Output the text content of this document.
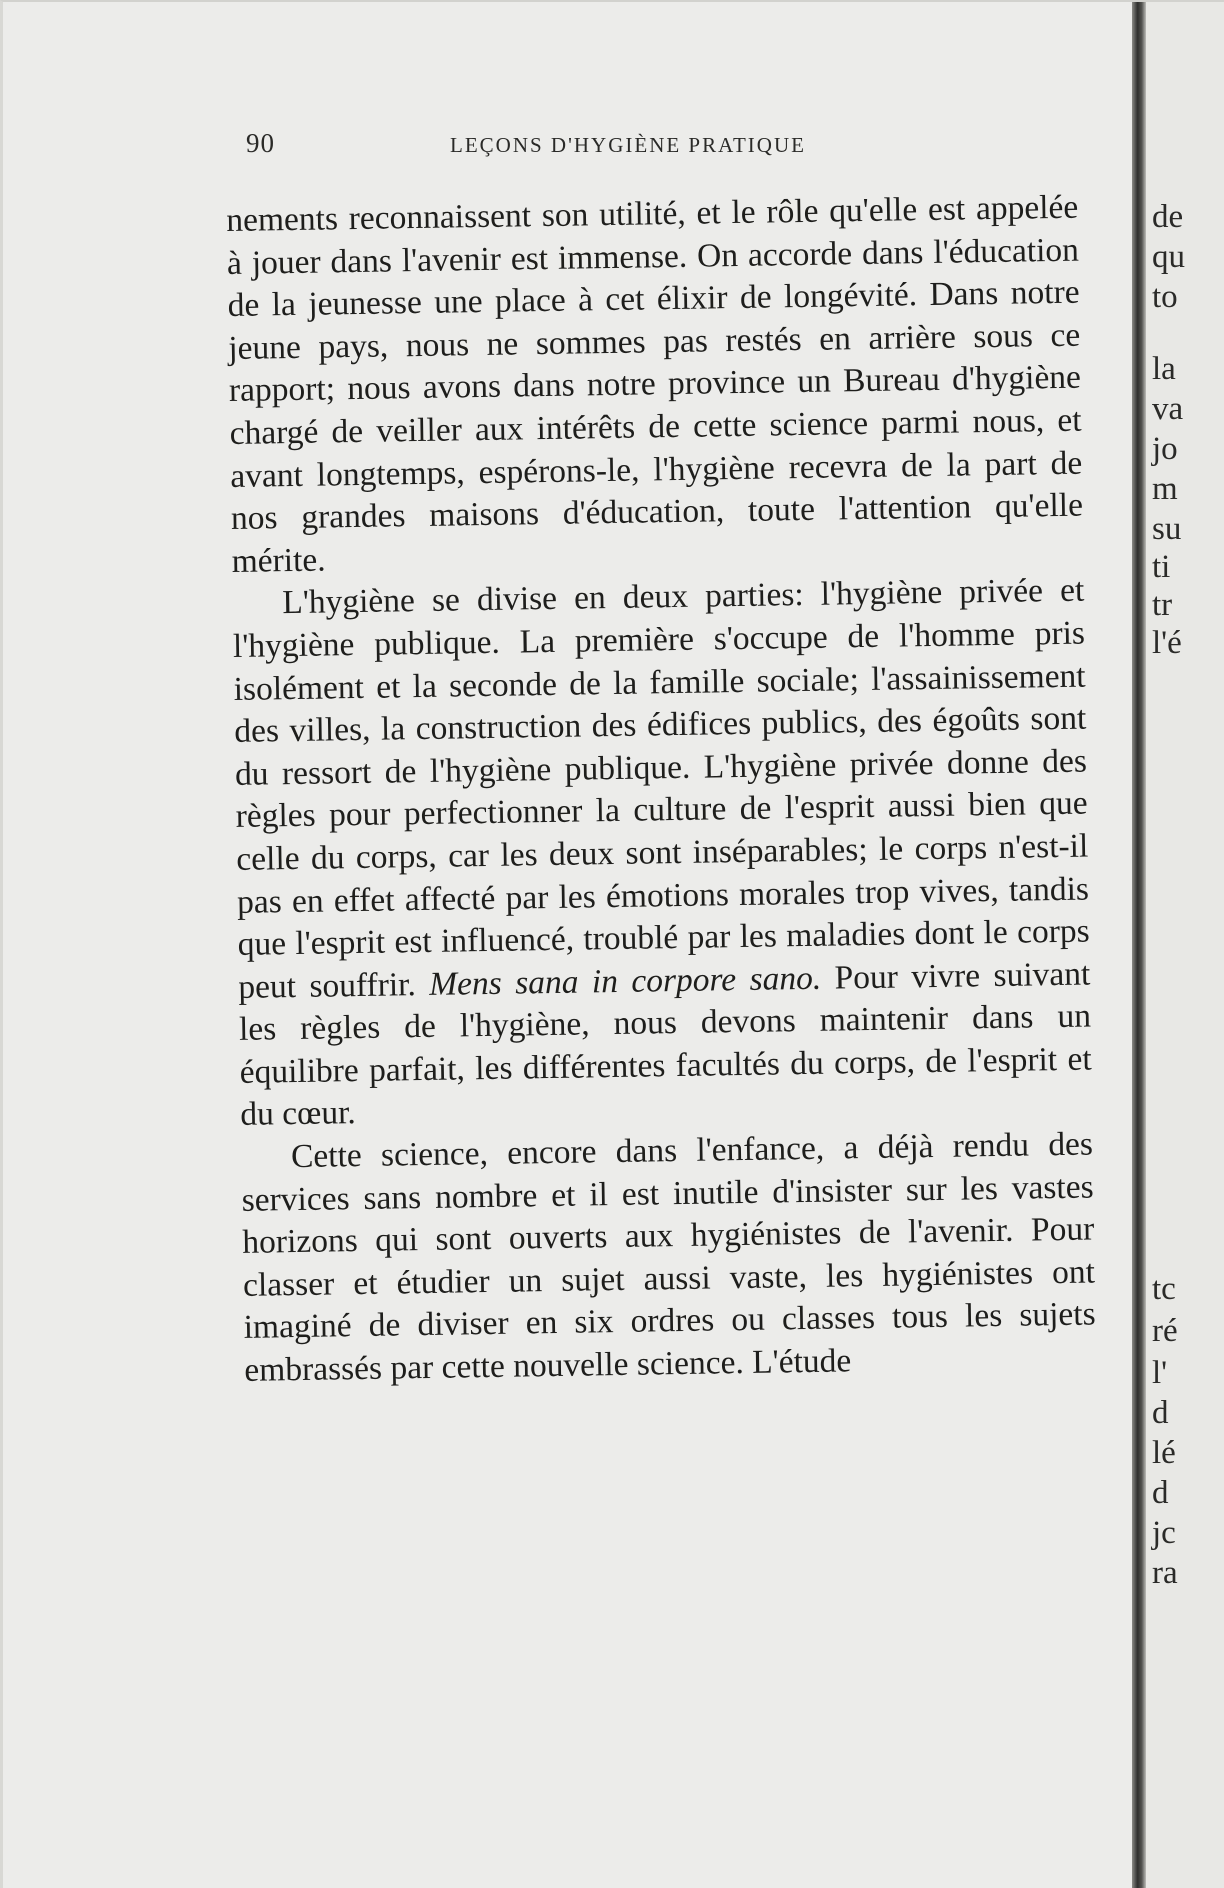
de
qu
to
la
va
jo
m
su
ti
tr
l'é
tc
ré
l'
d
lé
d
jc
ra
90	LEÇONS D'HYGIÈNE PRATIQUE

nements reconnaissent son utilité, et le rôle qu'elle est appelée à jouer dans l'avenir est immense. On accorde dans l'éducation de la jeunesse une place à cet élixir de longévité. Dans notre jeune pays, nous ne sommes pas restés en arrière sous ce rapport; nous avons dans notre province un Bureau d'hygiène chargé de veiller aux intérêts de cette science parmi nous, et avant longtemps, espérons-le, l'hygiène recevra de la part de nos grandes maisons d'éducation, toute l'attention qu'elle mérite.

L'hygiène se divise en deux parties: l'hygiène privée et l'hygiène publique. La première s'occupe de l'homme pris isolément et la seconde de la famille sociale; l'assainissement des villes, la construction des édifices publics, des égoûts sont du ressort de l'hygiène publique. L'hygiène privée donne des règles pour perfectionner la culture de l'esprit aussi bien que celle du corps, car les deux sont inséparables; le corps n'est-il pas en effet affecté par les émotions morales trop vives, tandis que l'esprit est influencé, troublé par les maladies dont le corps peut souffrir. Mens sana in corpore sano. Pour vivre suivant les règles de l'hygiène, nous devons maintenir dans un équilibre parfait, les différentes facultés du corps, de l'esprit et du cœur.

Cette science, encore dans l'enfance, a déjà rendu des services sans nombre et il est inutile d'insister sur les vastes horizons qui sont ouverts aux hygiénistes de l'avenir. Pour classer et étudier un sujet aussi vaste, les hygiénistes ont imaginé de diviser en six ordres ou classes tous les sujets embrassés par cette nouvelle science. L'étude
